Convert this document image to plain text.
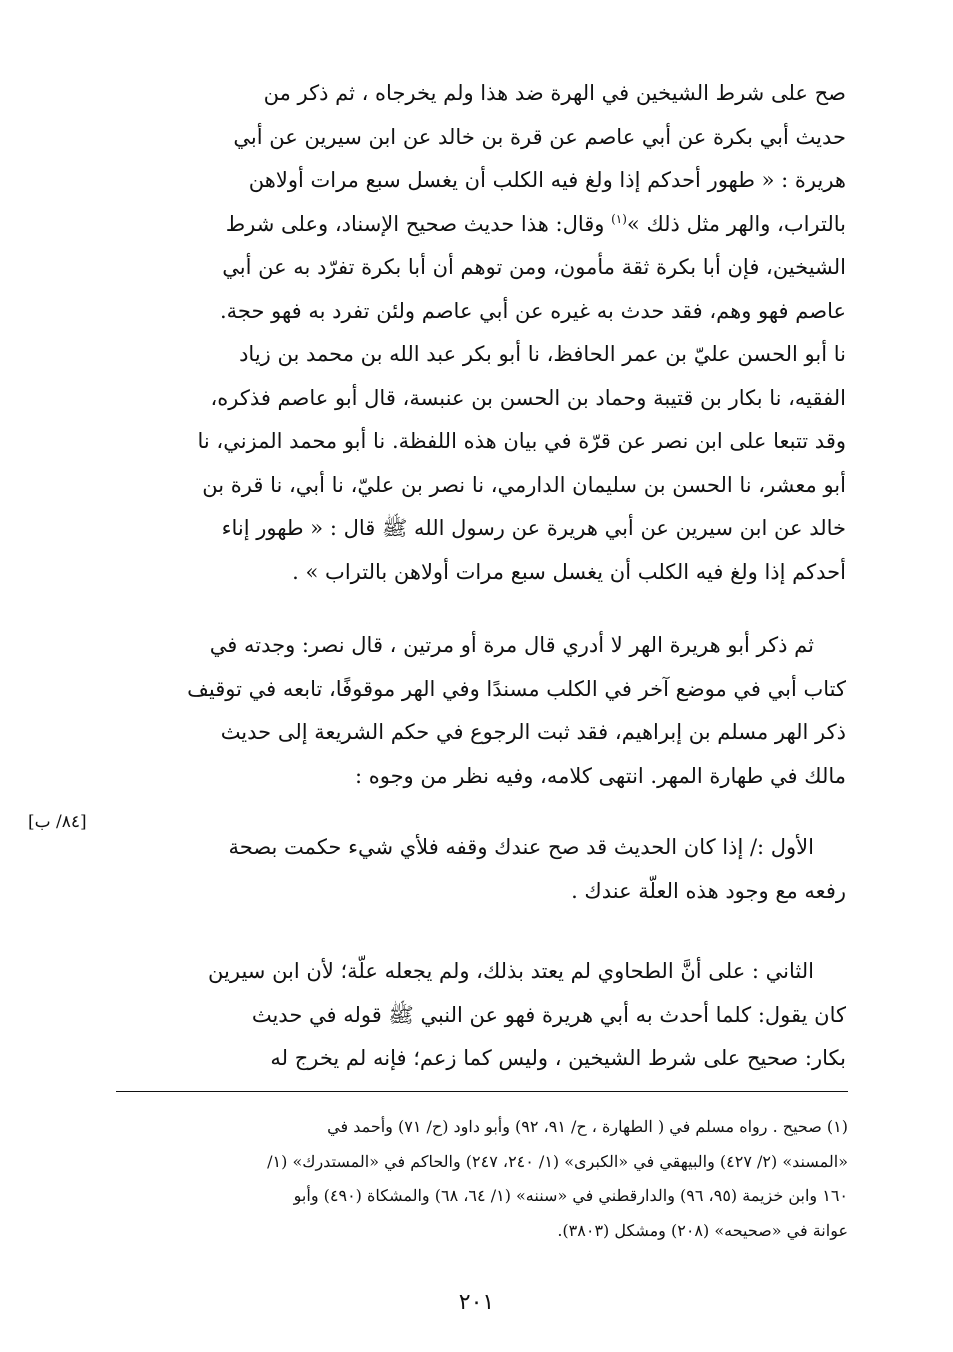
صح على شرط الشيخين في الهرة ضد هذا ولم يخرجاه ، ثم ذكر من
حديث أبي بكرة عن أبي عاصم عن قرة بن خالد عن ابن سيرين عن أبي
هريرة : « طهور أحدكم إذا ولغ فيه الكلب أن يغسل سبع مرات أولاهن
بالتراب، والهر مثل ذلك »$^{(١)}$ وقال: هذا حديث صحيح الإسناد، وعلى شرط
الشيخين، فإن أبا بكرة ثقة مأمون، ومن توهم أن أبا بكرة تفرّد به عن أبي
عاصم فهو وهم، فقد حدث به غيره عن أبي عاصم ولئن تفرد به فهو حجة.
نا أبو الحسن عليّ بن عمر الحافظ، نا أبو بكر عبد الله بن محمد بن زياد
الفقيه، نا بكار بن قتيبة وحماد بن الحسن بن عنبسة، قال أبو عاصم فذكره،
وقد تتبعا على ابن نصر عن قرّة في بيان هذه اللفظة. نا أبو محمد المزني، نا
أبو معشر، نا الحسن بن سليمان الدارمي، نا نصر بن عليّ، نا أبي، نا قرة بن
خالد عن ابن سيرين عن أبي هريرة عن رسول الله ﷺ قال : « طهور إناء
أحدكم إذا ولغ فيه الكلب أن يغسل سبع مرات أولاهن بالتراب » .
ثم ذكر أبو هريرة الهر لا أدري قال مرة أو مرتين ، قال نصر: وجدته في
كتاب أبي في موضع آخر في الكلب مسندًا وفي الهر موقوفًا، تابعه في توقيف
ذكر الهر مسلم بن إبراهيم، فقد ثبت الرجوع في حكم الشريعة إلى حديث
مالك في طهارة المهر. انتهى كلامه، وفيه نظر من وجوه :
[٨٤/ ب]
الأول :/ إذا كان الحديث قد صح عندك وقفه فلأي شيء حكمت بصحة
رفعه مع وجود هذه العلّة عندك .
الثاني : على أنَّ الطحاوي لم يعتد بذلك، ولم يجعله علّة؛ لأن ابن سيرين
كان يقول: كلما أحدث به أبي هريرة فهو عن النبي ﷺ قوله في حديث
بكار: صحيح على شرط الشيخين ، وليس كما زعم؛ فإنه لم يخرج له
(١) صحيح . رواه مسلم في ( الطهارة ، ح/ ٩١، ٩٢) وأبو داود (ح/ ٧١) وأحمد في
«المسند» (٢/ ٤٢٧) والبيهقي في «الكبرى» (١/ ٢٤٠، ٢٤٧) والحاكم في «المستدرك» (١/
١٦٠ وابن خزيمة (٩٥، ٩٦) والدارقطني في «سننه» (١/ ٦٤، ٦٨) والمشكاة (٤٩٠) وأبو
عوانة في «صحيحه» (٢٠٨) ومشكل (٣٨٠٣).
٢٠١
